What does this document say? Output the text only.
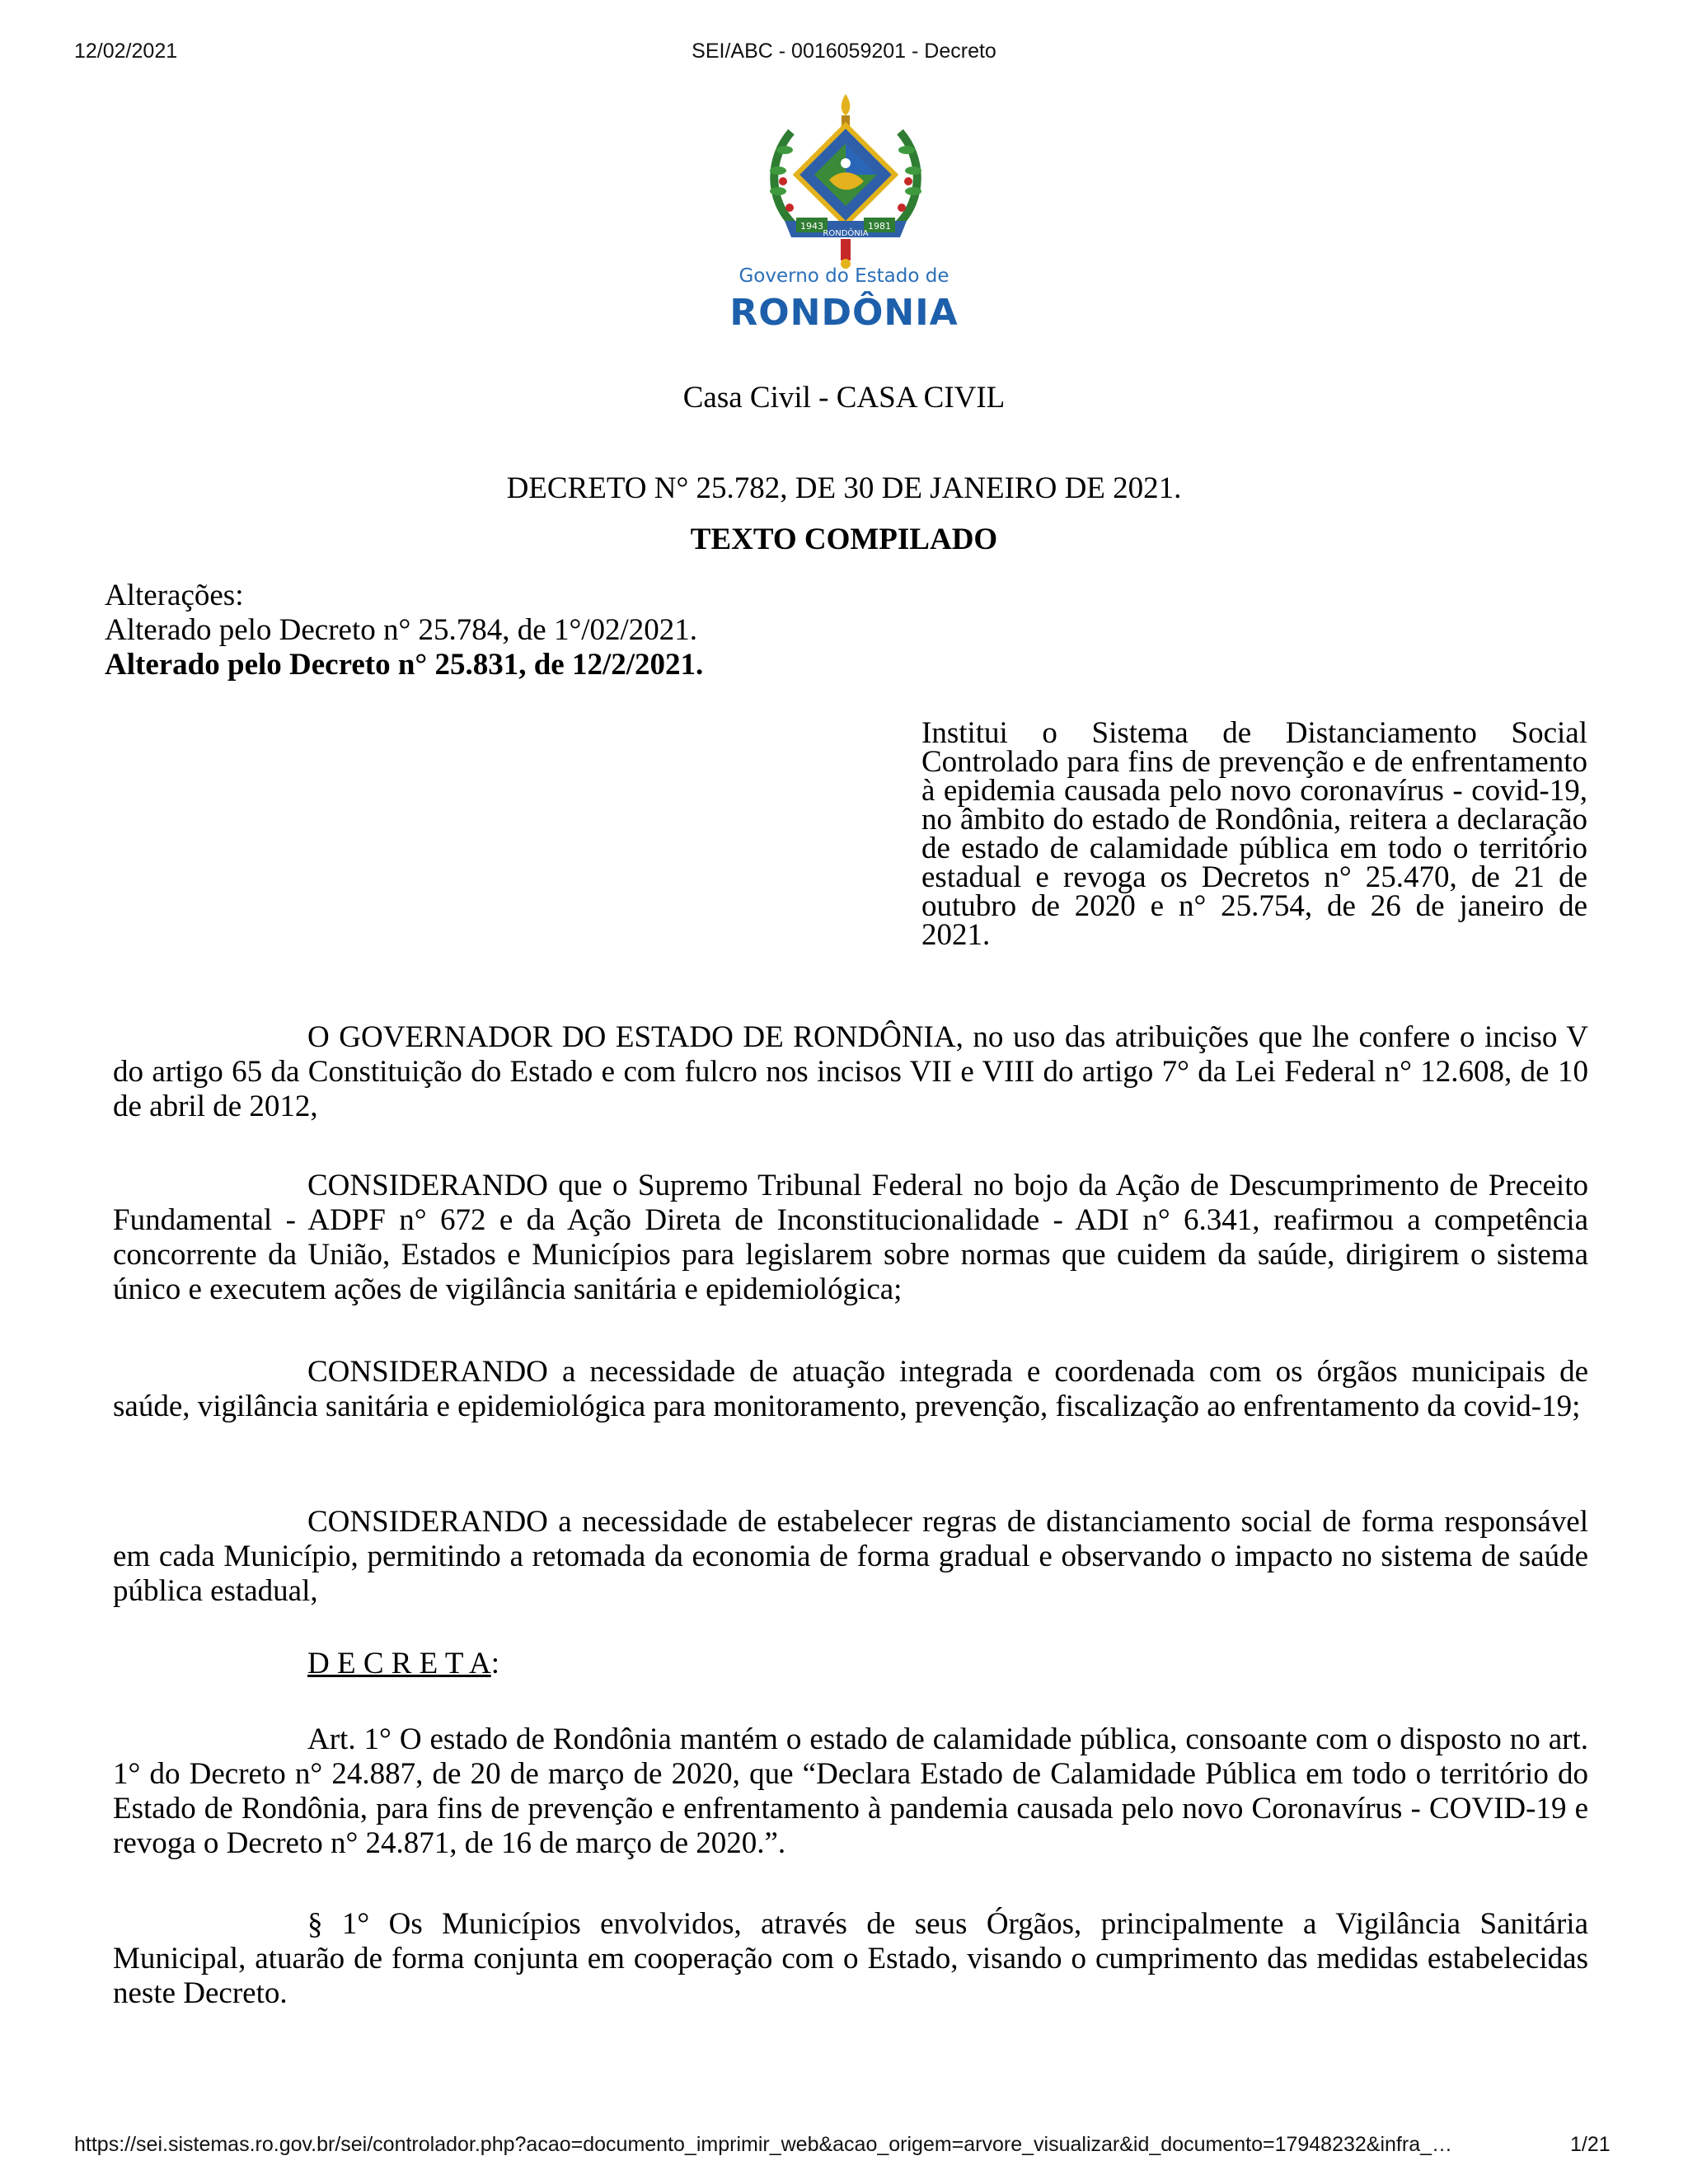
12/02/2021	SEI/ABC - 0016059201 - Decreto
1943	1981
RONDÔNIA
Governo do Estado de
RONDÔNIA
Casa Civil - CASA CIVIL
DECRETO N° 25.782, DE 30 DE JANEIRO DE 2021.
TEXTO COMPILADO
Alterações:
Alterado pelo Decreto n° 25.784, de 1°/02/2021.
Alterado pelo Decreto n° 25.831, de 12/2/2021.
Institui o Sistema de Distanciamento Social Controlado para fins de prevenção e de enfrentamento à epidemia causada pelo novo coronavírus - covid-19, no âmbito do estado de Rondônia, reitera a declaração de estado de calamidade pública em todo o território estadual e revoga os Decretos n° 25.470, de 21 de outubro de 2020 e n° 25.754, de 26 de janeiro de 2021.
O GOVERNADOR DO ESTADO DE RONDÔNIA, no uso das atribuições que lhe confere o inciso V do artigo 65 da Constituição do Estado e com fulcro nos incisos VII e VIII do artigo 7° da Lei Federal n° 12.608, de 10 de abril de 2012,
CONSIDERANDO que o Supremo Tribunal Federal no bojo da Ação de Descumprimento de Preceito Fundamental - ADPF n° 672 e da Ação Direta de Inconstitucionalidade - ADI n° 6.341, reafirmou a competência concorrente da União, Estados e Municípios para legislarem sobre normas que cuidem da saúde, dirigirem o sistema único e executem ações de vigilância sanitária e epidemiológica;
CONSIDERANDO a necessidade de atuação integrada e coordenada com os órgãos municipais de saúde, vigilância sanitária e epidemiológica para monitoramento, prevenção, fiscalização ao enfrentamento da covid-19;
CONSIDERANDO a necessidade de estabelecer regras de distanciamento social de forma responsável em cada Município, permitindo a retomada da economia de forma gradual e observando o impacto no sistema de saúde pública estadual,
D E C R E T A:
Art. 1° O estado de Rondônia mantém o estado de calamidade pública, consoante com o disposto no art. 1° do Decreto n° 24.887, de 20 de março de 2020, que “Declara Estado de Calamidade Pública em todo o território do Estado de Rondônia, para fins de prevenção e enfrentamento à pandemia causada pelo novo Coronavírus - COVID-19 e revoga o Decreto n° 24.871, de 16 de março de 2020.”.
§ 1° Os Municípios envolvidos, através de seus Órgãos, principalmente a Vigilância Sanitária Municipal, atuarão de forma conjunta em cooperação com o Estado, visando o cumprimento das medidas estabelecidas neste Decreto.
https://sei.sistemas.ro.gov.br/sei/controlador.php?acao=documento_imprimir_web&acao_origem=arvore_visualizar&id_documento=17948232&infra_…	1/21
